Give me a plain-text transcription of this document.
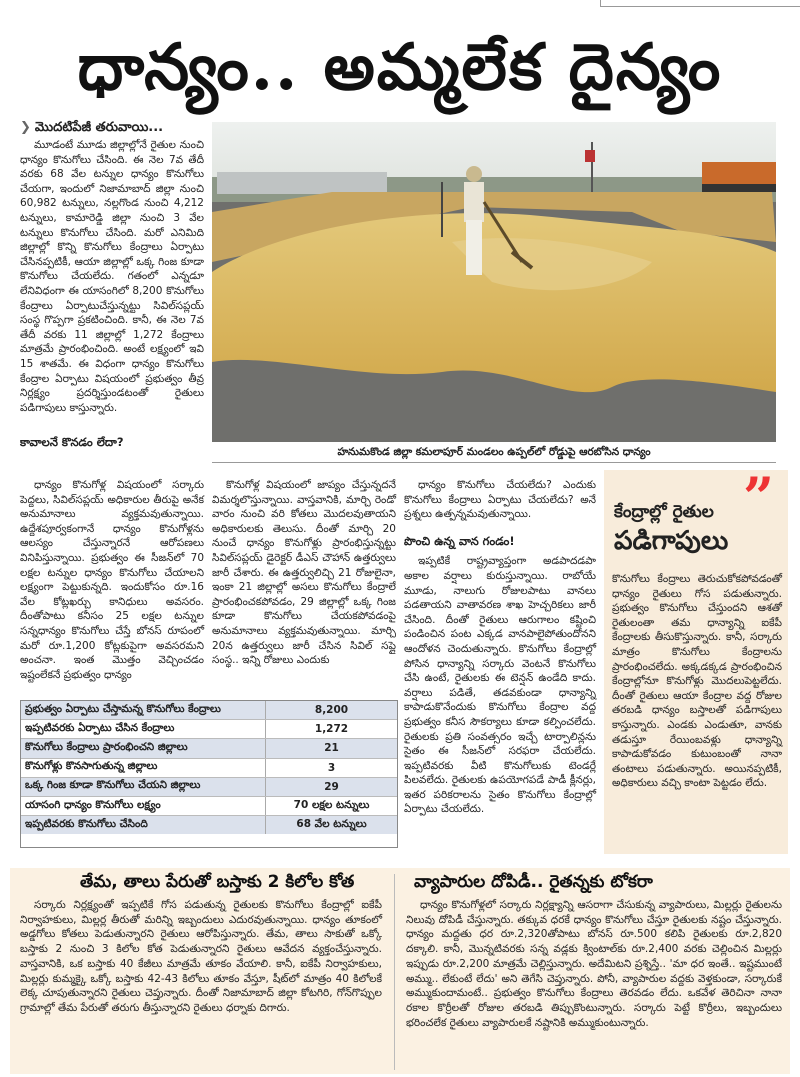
ధాన్యం.. అమ్మలేక దైన్యం
❯ మొదటిపేజీ తరువాయి...

మూడంటే మూడు జిల్లాల్లోనే రైతుల నుంచి ధాన్యం కొనుగోలు చేసింది. ఈ నెల 7వ తేదీ వరకు 68 వేల టన్నుల ధాన్యం కొనుగోలు చేయగా, ఇందులో నిజామాబాద్ జిల్లా నుంచి 60,982 టన్నులు, నల్లగొండ నుంచి 4,212 టన్నులు, కామారెడ్డి జిల్లా నుంచి 3 వేల టన్నులు కొనుగోలు చేసింది. మరో ఎనిమిది జిల్లాల్లో కొన్ని కొనుగోలు కేంద్రాలు ఏర్పాటు చేసినప్పటికీ, ఆయా జిల్లాల్లో ఒక్క గింజ కూడా కొనుగోలు చేయలేదు. గతంలో ఎన్నడూ లేనివిధంగా ఈ యాసంగిలో 8,200 కొనుగోలు కేంద్రాలు ఏర్పాటుచేస్తున్నట్టు సివిల్‌సప్లయ్ సంస్థ గొప్పగా ప్రకటించింది. కానీ, ఈ నెల 7వ తేదీ వరకు 11 జిల్లాల్లో 1,272 కేంద్రాలు మాత్రమే ప్రారంభించింది. అంటే లక్ష్యంలో ఇవి 15 శాతమే. ఈ విధంగా ధాన్యం కొనుగోలు కేంద్రాల ఏర్పాటు విషయంలో ప్రభుత్వం తీవ్ర నిర్లక్ష్యం ప్రదర్శిస్తుండటంతో రైతులు పడిగాపులు కాస్తున్నారు.

కావాలనే కొనడం లేదా?
హనుమకొండ జిల్లా కమలాపూర్ మండలం ఉప్పల్‌లో రోడ్డుపై ఆరబోసిన ధాన్యం

ధాన్యం కొనుగోళ్ల విషయంలో సర్కారు పెద్దలు, సివిల్‌సప్లయ్ అధికారుల తీరుపై అనేక అనుమానాలు వ్యక్తమవుతున్నాయి. ఉద్దేశపూర్వకంగానే ధాన్యం కొనుగోళ్లను ఆలస్యం చేస్తున్నారనే ఆరోపణలు వినిపిస్తున్నాయి. ప్రభుత్వం ఈ సీజన్‌లో 70 లక్షల టన్నుల ధాన్యం కొనుగోలు చేయాలని లక్ష్యంగా పెట్టుకున్నది. ఇందుకోసం రూ.16 వేల కోట్లఖర్చు కానిధులు అవసరం. దీంతోపాటు కనీసం 25 లక్షల టన్నుల సన్నధాన్యం కొనుగోలు చేస్తే బోనస్ రూపంలో మరో రూ.1,200 కోట్లకుపైగా అవసరమని అంచనా. ఇంత మొత్తం వెచ్చించడం ఇష్టంలేకనే ప్రభుత్వం ధాన్యం

కొనుగోళ్ల విషయంలో జాప్యం చేస్తున్నదనే విమర్శలొస్తున్నాయి. వాస్తవానికి, మార్చి రెండో వారం నుంచి వరి కోతలు మొదలవుతాయని అధికారులకు తెలుసు. దీంతో మార్చి 20 నుంచే ధాన్యం కొనుగోళ్లు ప్రారంభిస్తున్నట్టు సివిల్‌సప్లయ్ డైరెక్టర్ డీఎస్ చౌహాన్ ఉత్తర్వులు జారీ చేశారు. ఈ ఉత్తర్వులిచ్చి 21 రోజులైనా, ఇంకా 21 జిల్లాల్లో అసలు కొనుగోలు కేంద్రాలే ప్రారంభించకపోవడం, 29 జిల్లాల్లో ఒక్క గింజ కూడా కొనుగోలు చేయకపోవడంపై అనుమానాలు వ్యక్తమవుతున్నాయి. మార్చి 20న ఉత్తర్వులు జారీ చేసిన సివిల్ సప్లై సంస్థ.. ఇన్ని రోజులు ఎందుకు

ధాన్యం కొనుగోలు చేయలేదు? ఎందుకు కొనుగోలు కేంద్రాలు ఏర్పాటు చేయలేదు? అనే ప్రశ్నలు ఉత్పన్నమవుతున్నాయి.

పొంచి ఉన్న వాన గండం!

ఇప్పటికే రాష్ట్రవ్యాప్తంగా అడపాదడపా అకాల వర్షాలు కురుస్తున్నాయి. రాబోయే మూడు, నాలుగు రోజులపాటు వానలు పడతాయని వాతావరణ శాఖ హెచ్చరికలు జారీ చేసింది. దీంతో రైతులు ఆరుగాలం కష్టించి పండించిన పంట ఎక్కడ వానపాలైపోతుందోనని ఆందోళన చెందుతున్నారు. కొనుగోలు కేంద్రాల్లో పోసిన ధాన్యాన్ని సర్కారు వెంటనే కొనుగోలు చేసి ఉంటే, రైతులకు ఈ టెన్షన్ ఉండేది కాదు. వర్షాలు పడితే, తడవకుండా ధాన్యాన్ని కాపాడుకొనేందుకు కొనుగోలు కేంద్రాల వద్ద ప్రభుత్వం కనీస సౌకర్యాలు కూడా కల్పించలేదు. రైతులకు ప్రతి సంవత్సరం ఇచ్చే టార్పాలిన్లను సైతం ఈ సీజన్‌లో సరఫరా చేయలేదు. ఇప్పటివరకు వీటి కొనుగోలుకు టెండర్లే పిలవలేదు. రైతులకు ఉపయోగపడే పాడీ క్లీనర్లు, ఇతర పరికరాలను సైతం కొనుగోలు కేంద్రాల్లో ఏర్పాటు చేయలేదు.

ప్రభుత్వం ఏర్పాటు చేస్తామన్న కొనుగోలు కేంద్రాలు	8,200
ఇప్పటివరకు ఏర్పాటు చేసిన కేంద్రాలు	1,272
కొనుగోలు కేంద్రాలు ప్రారంభించని జిల్లాలు	21
కొనుగోళ్లు కొనసాగుతున్న జిల్లాలు	3
ఒక్క గింజ కూడా కొనుగోలు చేయని జిల్లాలు	29
యాసంగి ధాన్యం కొనుగోలు లక్ష్యం	70 లక్షల టన్నులు
ఇప్పటివరకు కొనుగోలు చేసింది	68 వేల టన్నులు
”
కేంద్రాల్లో రైతుల
పడిగాపులు
కొనుగోలు కేంద్రాలు తెరుచుకోకపోవడంతో ధాన్యం రైతులు గోస పడుతున్నారు. ప్రభుత్వం కొనుగోలు చేస్తుందని ఆశతో రైతులంతా తమ ధాన్యాన్ని ఐకేపీ కేంద్రాలకు తీసుకొస్తున్నారు. కానీ, సర్కారు మాత్రం కొనుగోలు కేంద్రాలను ప్రారంభించలేదు. అక్కడక్కడ ప్రారంభించిన కేంద్రాల్లోనూ కొనుగోళ్లు మొదలుపెట్టలేదు. దీంతో రైతులు ఆయా కేంద్రాల వద్ద రోజుల తరబడి ధాన్యం బస్తాలతో పడిగాపులు కాస్తున్నారు. ఎండకు ఎండుతూ, వానకు తడుస్తూ రేయింబవళ్లు ధాన్యాన్ని కాపాడుకోవడం కుటుంబంతో నానా తంటాలు పడుతున్నారు. అయినప్పటికీ, అధికారులు వచ్చి కాంటా పెట్టడం లేదు.
తేమ, తాలు పేరుతో బస్తాకు 2 కిలోల కోత

సర్కారు నిర్లక్ష్యంతో ఇప్పటికే గోస పడుతున్న రైతులకు కొనుగోలు కేంద్రాల్లో ఐకేపీ నిర్వాహకులు, మిల్లర్ల తీరుతో మరిన్ని ఇబ్బందులు ఎదురవుతున్నాయి. ధాన్యం తూకంలో అడ్డగోలు కోతలు పెడుతున్నారని రైతులు ఆరోపిస్తున్నారు. తేమ, తాలు సాకుతో ఒక్కో బస్తాకు 2 నుంచి 3 కిలోల కోత పెడుతున్నారని రైతులు ఆవేదన వ్యక్తంచేస్తున్నారు. వాస్తవానికి, ఒక బస్తాకు 40 కేజీలు మాత్రమే తూకం వేయాలి. కానీ, ఐకేపీ నిర్వాహకులు, మిల్లర్లు కుమ్మక్కై ఒక్కో బస్తాకు 42-43 కిలోలు తూకం వేస్తూ, షీట్‌లో మాత్రం 40 కిలోలకే లెక్క చూపుతున్నారని రైతులు చెప్తున్నారు. దీంతో నిజామాబాద్ జిల్లా కోటగిరి, గోన్‌గొప్పుల గ్రామాల్లో తేమ పేరుతో తరుగు తీస్తున్నారని రైతులు ధర్నాకు దిగారు.

వ్యాపారుల దోపిడీ.. రైతన్నకు టోకరా

ధాన్యం కొనుగోళ్లలో సర్కారు నిర్లక్ష్యాన్ని ఆసరాగా చేసుకున్న వ్యాపారులు, మిల్లర్లు రైతులను నిలువు దోపిడీ చేస్తున్నారు. తక్కువ ధరకే ధాన్యం కొనుగోలు చేస్తూ రైతులకు నష్టం చేస్తున్నారు. ధాన్యం మద్దతు ధర రూ.2,320తోపాటు బోనస్ రూ.500 కలిపి రైతులకు రూ.2,820 దక్కాలి. కానీ, మొన్నటివరకు సన్న వడ్లకు క్వింటాల్‌కు రూ.2,400 వరకు చెల్లించిన మిల్లర్లు ఇప్పుడు రూ.2,200 మాత్రమే చెల్లిస్తున్నారు. అదేమిటని ప్రశ్నిస్తే.. 'మా ధర ఇంతే.. ఇష్టముంటే అమ్ము.. లేకుంటే లేదు' అని తెగేసి చెప్తున్నారు. పోనీ, వ్యాపారుల వద్దకు వెళ్తకుండా, సర్కారుకే అమ్ముకుందామంటే.. ప్రభుత్వం కొనుగోలు కేంద్రాలు తెరవడం లేదు. ఒకవేళ తెరిచినా నానా రకాల కొర్రీలతో రోజుల తరబడి తిప్పుకొంటున్నారు. సర్కారు పెట్టే కొర్రీలు, ఇబ్బందులు భరించలేక రైతులు వ్యాపారులకే నష్టానికి అమ్ముకుంటున్నారు.
